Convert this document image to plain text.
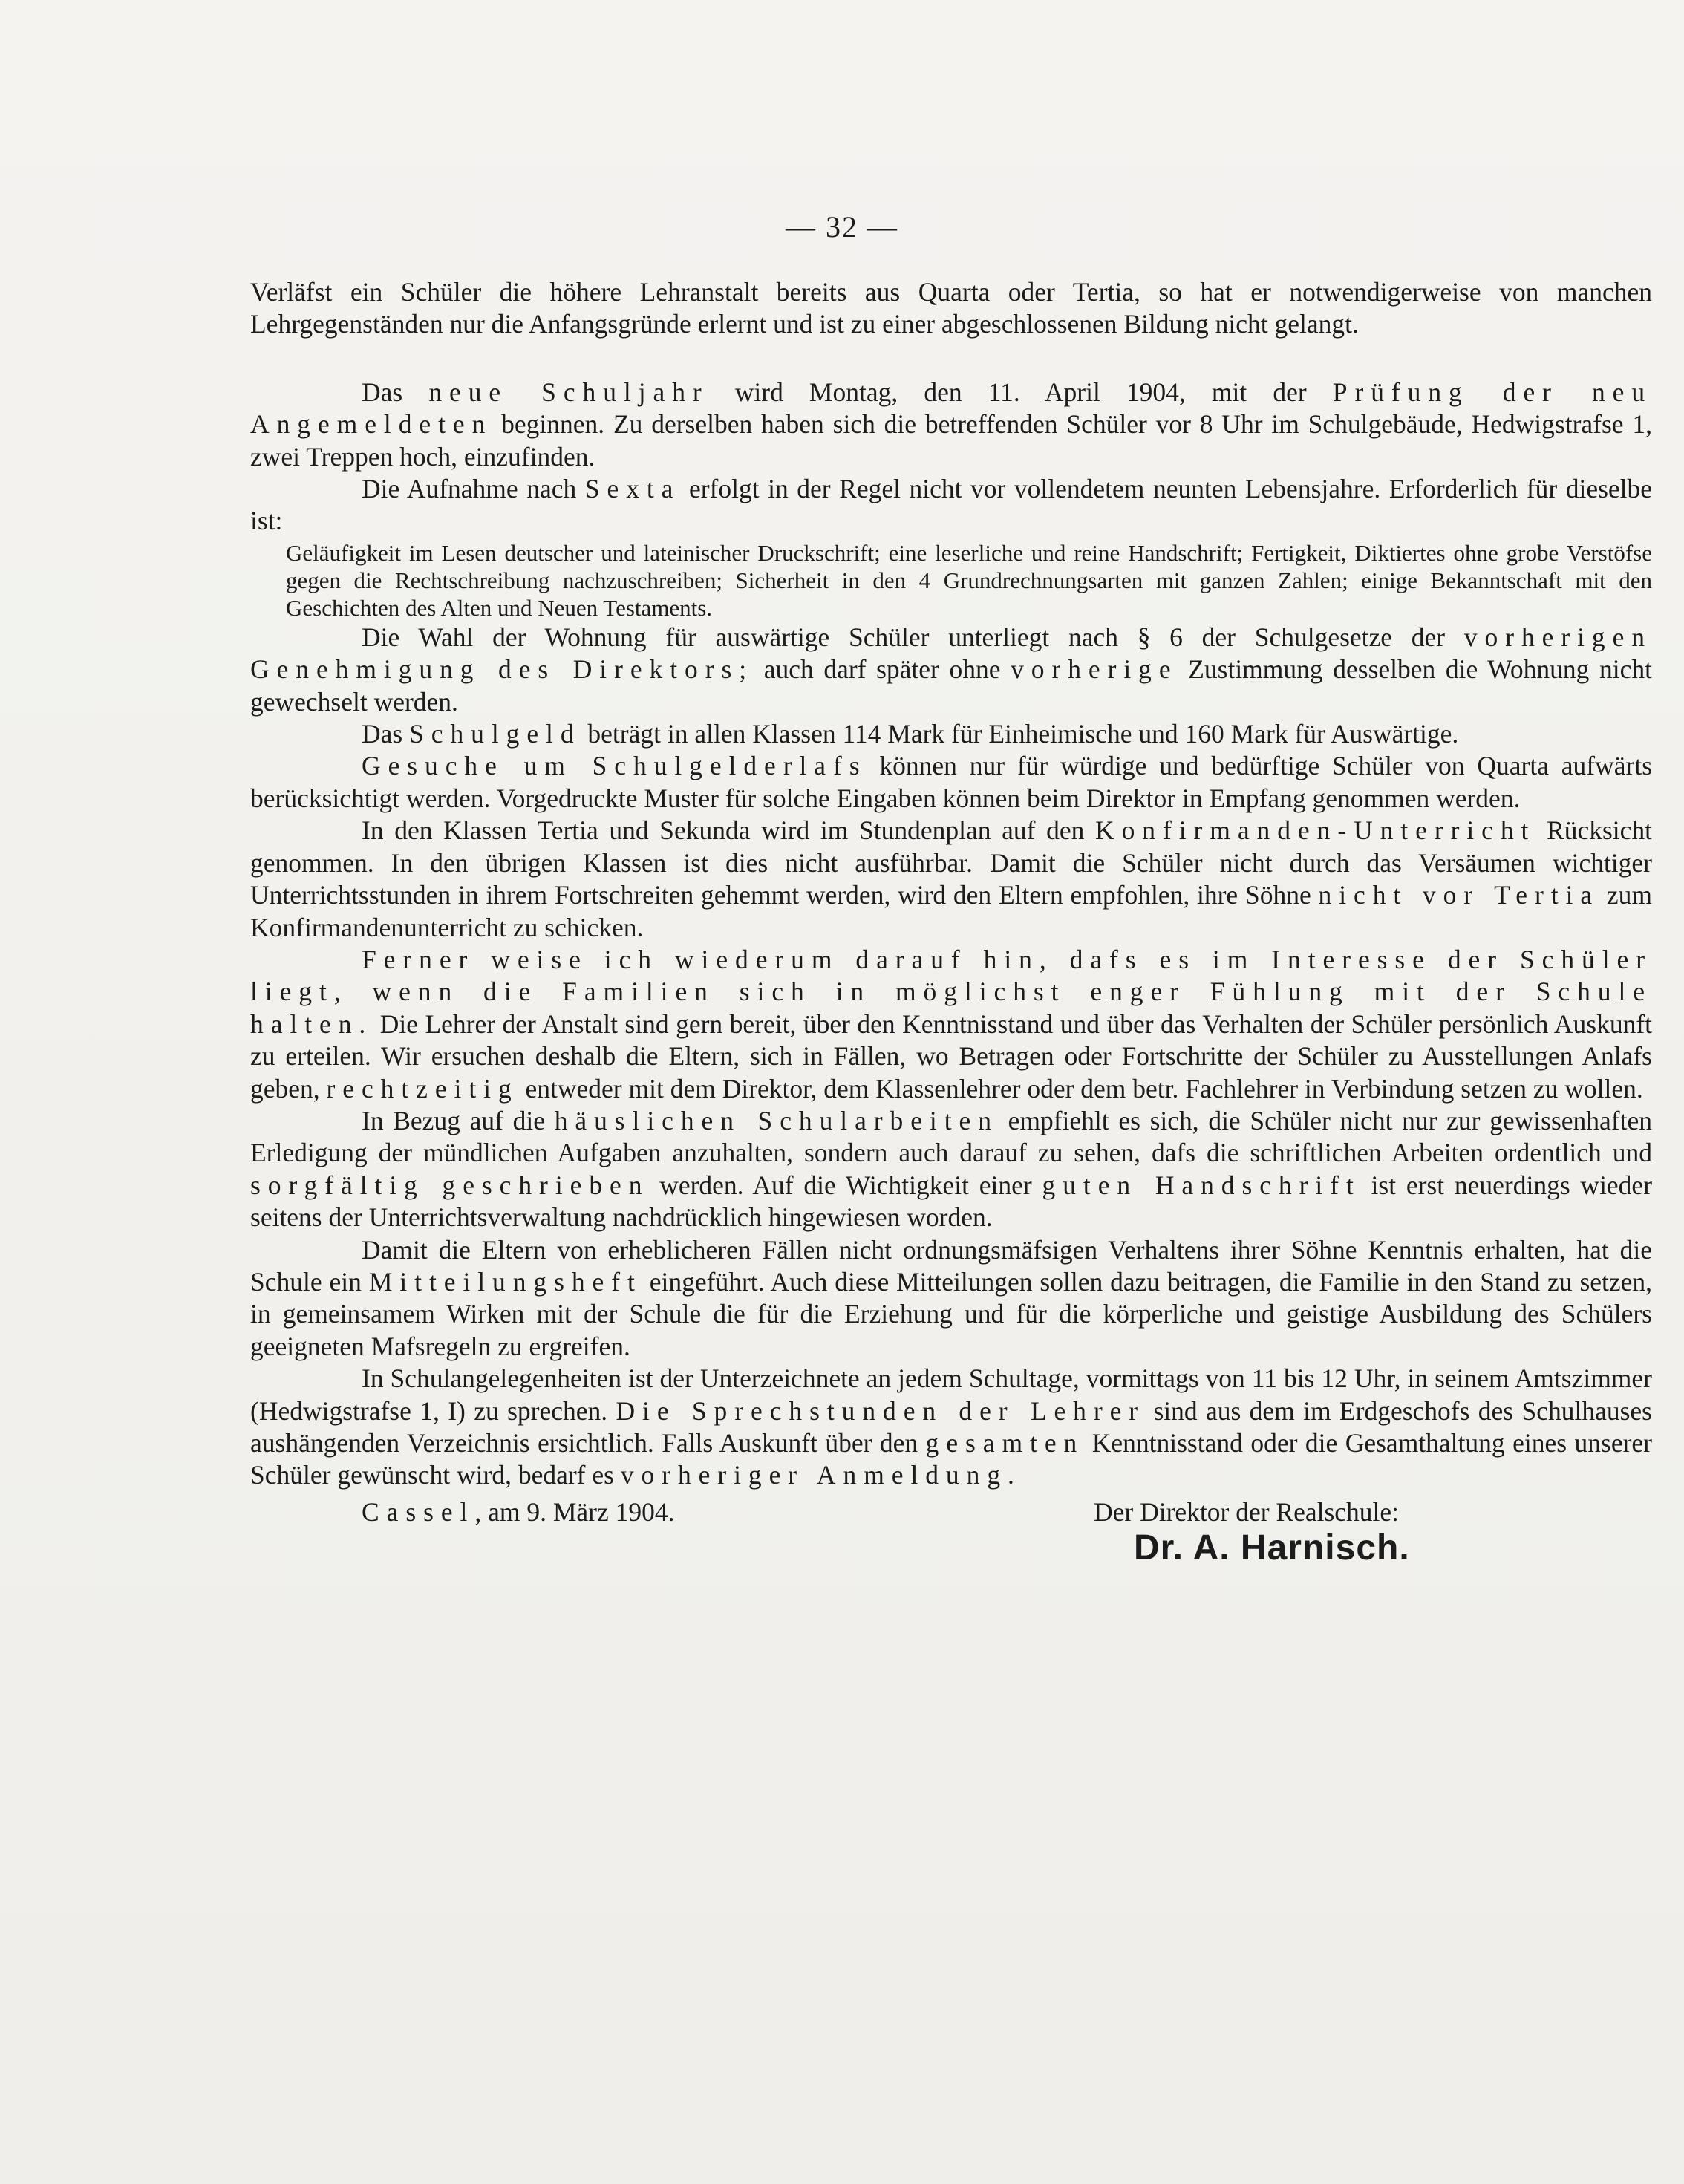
— 32 —

Verläfst ein Schüler die höhere Lehranstalt bereits aus Quarta oder Tertia, so hat er notwendigerweise von manchen Lehrgegenständen nur die Anfangsgründe erlernt und ist zu einer abgeschlossenen Bildung nicht gelangt.

Das neue Schuljahr wird Montag, den 11. April 1904, mit der Prüfung der neu Angemeldeten beginnen. Zu derselben haben sich die betreffenden Schüler vor 8 Uhr im Schulgebäude, Hedwigstrafse 1, zwei Treppen hoch, einzufinden.

Die Aufnahme nach Sexta erfolgt in der Regel nicht vor vollendetem neunten Lebensjahre. Erforderlich für dieselbe ist:

Geläufigkeit im Lesen deutscher und lateinischer Druckschrift; eine leserliche und reine Handschrift; Fertigkeit, Diktiertes ohne grobe Verstöfse gegen die Rechtschreibung nachzuschreiben; Sicherheit in den 4 Grundrechnungsarten mit ganzen Zahlen; einige Bekanntschaft mit den Geschichten des Alten und Neuen Testaments.

Die Wahl der Wohnung für auswärtige Schüler unterliegt nach § 6 der Schulgesetze der vorherigen Genehmigung des Direktors; auch darf später ohne vorherige Zustimmung desselben die Wohnung nicht gewechselt werden.

Das Schulgeld beträgt in allen Klassen 114 Mark für Einheimische und 160 Mark für Auswärtige.

Gesuche um Schulgelderlafs können nur für würdige und bedürftige Schüler von Quarta aufwärts berücksichtigt werden. Vorgedruckte Muster für solche Eingaben können beim Direktor in Empfang genommen werden.

In den Klassen Tertia und Sekunda wird im Stundenplan auf den Konfirmanden-Unterricht Rücksicht genommen. In den übrigen Klassen ist dies nicht ausführbar. Damit die Schüler nicht durch das Versäumen wichtiger Unterrichtsstunden in ihrem Fortschreiten gehemmt werden, wird den Eltern empfohlen, ihre Söhne nicht vor Tertia zum Konfirmandenunterricht zu schicken.

Ferner weise ich wiederum darauf hin, dafs es im Interesse der Schüler liegt, wenn die Familien sich in möglichst enger Fühlung mit der Schule halten. Die Lehrer der Anstalt sind gern bereit, über den Kenntnisstand und über das Verhalten der Schüler persönlich Auskunft zu erteilen. Wir ersuchen deshalb die Eltern, sich in Fällen, wo Betragen oder Fortschritte der Schüler zu Ausstellungen Anlafs geben, rechtzeitig entweder mit dem Direktor, dem Klassenlehrer oder dem betr. Fachlehrer in Verbindung setzen zu wollen.

In Bezug auf die häuslichen Schularbeiten empfiehlt es sich, die Schüler nicht nur zur gewissenhaften Erledigung der mündlichen Aufgaben anzuhalten, sondern auch darauf zu sehen, dafs die schriftlichen Arbeiten ordentlich und sorgfältig geschrieben werden. Auf die Wichtigkeit einer guten Handschrift ist erst neuerdings wieder seitens der Unterrichtsverwaltung nachdrücklich hingewiesen worden.

Damit die Eltern von erheblicheren Fällen nicht ordnungsmäfsigen Verhaltens ihrer Söhne Kenntnis erhalten, hat die Schule ein Mitteilungsheft eingeführt. Auch diese Mitteilungen sollen dazu beitragen, die Familie in den Stand zu setzen, in gemeinsamem Wirken mit der Schule die für die Erziehung und für die körperliche und geistige Ausbildung des Schülers geeigneten Mafsregeln zu ergreifen.

In Schulangelegenheiten ist der Unterzeichnete an jedem Schultage, vormittags von 11 bis 12 Uhr, in seinem Amtszimmer (Hedwigstrafse 1, I) zu sprechen. Die Sprechstunden der Lehrer sind aus dem im Erdgeschofs des Schulhauses aushängenden Verzeichnis ersichtlich. Falls Auskunft über den gesamten Kenntnisstand oder die Gesamthaltung eines unserer Schüler gewünscht wird, bedarf es vorheriger Anmeldung.

Cassel, am 9. März 1904.	Der Direktor der Realschule:
Dr. A. Harnisch.
